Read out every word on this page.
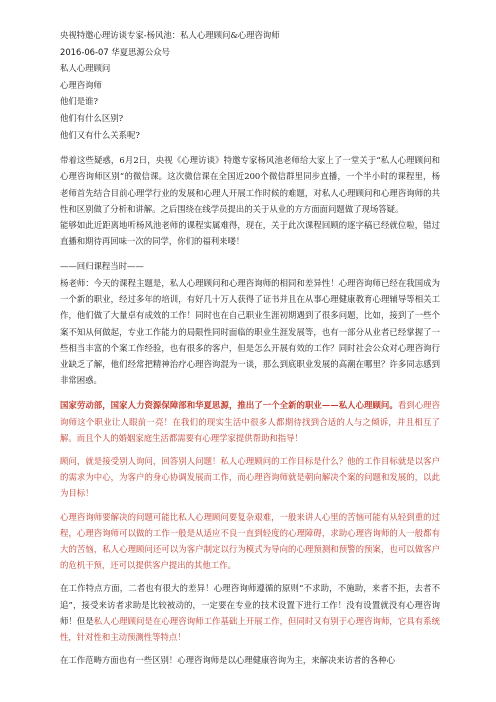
央视特邀心理访谈专家-杨风池：私人心理顾问&心理咨询师

2016-06-07 华夏思源公众号

私人心理顾问

心理咨询师

他们是谁?

他们有什么区别?

他们又有什么关系呢?

带着这些疑惑，6月2日，央视《心理访谈》特邀专家杨风池老师给大家上了一堂关于“私人心理顾问和心理咨询师区别”的微信课。这次微信课在全国近200个微信群里同步直播，一个半小时的课程里，杨老师首先结合目前心理学行业的发展和心理人开展工作时候的难题，对私人心理顾问和心理咨询师的共性和区别做了分析和讲解。之后围绕在线学员提出的关于从业的方方面面问题做了现场答疑。

能够如此近距离地听杨风池老师的课程实属难得，现在，关于此次课程回顾的逐字稿已经就位啦，错过直播和期待再回味一次的同学，你们的福利来喽！

——回归课程当时——

杨老师：今天的课程主题是，私人心理顾问和心理咨询师的相同和差异性！心理咨询师已经在我国成为一个新的职业，经过多年的培训，有好几十万人获得了证书并且在从事心理健康教育心理辅导等相关工作，他们做了大量卓有成效的工作！同时也在自己职业生涯初期遇到了很多问题，比如，接到了一些个案不知从何做起，专业工作能力的局限性同时面临的职业生涯发展等，也有一部分从业者已经掌握了一些相当丰富的个案工作经验，也有很多的客户，但是怎么开展有效的工作？同时社会公众对心理咨询行业缺乏了解，他们经常把精神治疗心理咨询混为一谈，那么到底职业发展的高潮在哪里？许多同志感到非常困惑。

国家劳动部，国家人力资源保障部和华夏思源，推出了一个全新的职业——私人心理顾问。看到心理咨询师这个职业让人眼前一亮！在我们的现实生活中很多人都期待找到合适的人与之倾诉，并且相互了解。而且个人的婚姻家庭生活都需要有心理学家提供帮助和指导！

顾问，就是接受别人询问，回答别人问题！私人心理顾问的工作目标是什么？他的工作目标就是以客户的需求为中心，为客户的身心协调发展而工作，而心理咨询师就是朝向解决个案的问题和发展的，以此为目标！

心理咨询师要解决的问题可能比私人心理顾问要复杂艰难，一般来讲人心里的苦恼可能有从轻到重的过程，心理咨询师可以做的工作一般是从适应不良一直到轻度的心理障碍，求助心理咨询师的人一般都有大的苦恼，私人心理顾问还可以为客户制定以行为模式为导向的心理预测和预警的预案，也可以做客户的危机干预，还可以提供客户提出的其他工作。

在工作特点方面，二者也有很大的差异！心理咨询师遵循的原则“不求助，不施助，来者不拒，去者不追”，接受来访者求助是比较被动的，一定要在专业的技术设置下进行工作！没有设置就没有心理咨询师！但是私人心理顾问是在心理咨询师工作基础上开展工作，但同时又有别于心理咨询师，它具有系统性，针对性和主动预测性等特点！

在工作范畴方面也有一些区别！心理咨询师是以心理健康咨询为主，来解决来访者的各种心
